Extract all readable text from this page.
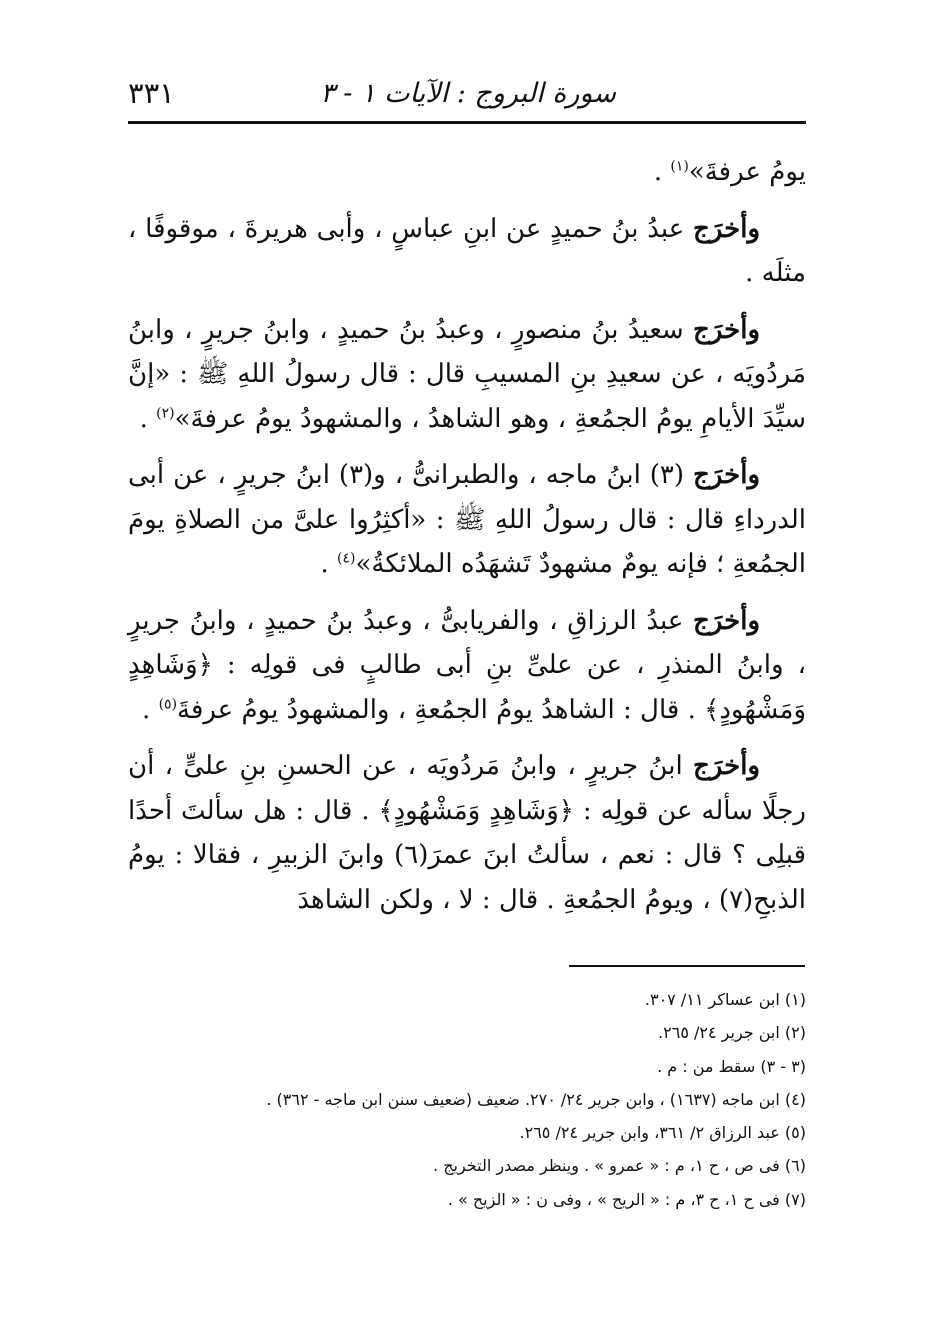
سورة البروج : الآيات ١ - ٣
٣٣١

يومُ عرفةَ»$^{(١)}$ .

وأخرَج عبدُ بنُ حميدٍ عن ابنِ عباسٍ ، وأبى هريرةَ ، موقوفًا ، مثلَه .

وأخرَج سعيدُ بنُ منصورٍ ، وعبدُ بنُ حميدٍ ، وابنُ جريرٍ ، وابنُ مَردُويَه ، عن سعيدِ بنِ المسيبِ قال : قال رسولُ اللهِ ﷺ : «إنَّ سيِّدَ الأيامِ يومُ الجمُعةِ ، وهو الشاهدُ ، والمشهودُ يومُ عرفةَ»$^{(٢)}$ .

وأخرَج (٣) ابنُ ماجه ، والطبرانىُّ ، و(٣) ابنُ جريرٍ ، عن أبى الدرداءِ قال : قال رسولُ اللهِ ﷺ : «أكثِرُوا علىَّ من الصلاةِ يومَ الجمُعةِ ؛ فإنه يومٌ مشهودٌ تَشهَدُه الملائكةُ»$^{(٤)}$ .

وأخرَج عبدُ الرزاقِ ، والفريابىُّ ، وعبدُ بنُ حميدٍ ، وابنُ جريرٍ ، وابنُ المنذرِ ، عن علىِّ بنِ أبى طالبٍ فى قولِه : ﴿وَشَاهِدٍ وَمَشْهُودٍ﴾ . قال : الشاهدُ يومُ الجمُعةِ ، والمشهودُ يومُ عرفةَ$^{(٥)}$ .

وأخرَج ابنُ جريرٍ ، وابنُ مَردُويَه ، عن الحسنِ بنِ علىٍّ ، أن رجلًا سأله عن قولِه : ﴿وَشَاهِدٍ وَمَشْهُودٍ﴾ . قال : هل سألتَ أحدًا قبلِى ؟ قال : نعم ، سألتُ ابنَ عمرَ(٦) وابنَ الزبيرِ ، فقالا : يومُ الذبحِ(٧) ، ويومُ الجمُعةِ . قال : لا ، ولكن الشاهدَ

(١) ابن عساكر ١١/ ٣٠٧.
(٢) ابن جرير ٢٤/ ٢٦٥.
(٣ - ٣) سقط من : م .
(٤) ابن ماجه (١٦٣٧) ، وابن جرير ٢٤/ ٢٧٠. ضعيف (ضعيف سنن ابن ماجه - ٣٦٢) .
(٥) عبد الرزاق ٢/ ٣٦١، وابن جرير ٢٤/ ٢٦٥.
(٦) فى ص ، ح ١، م : « عمرو » . وينظر مصدر التخريج .
(٧) فى ح ١، ح ٣، م : « الريح » ، وفى ن : « الزيح » .
